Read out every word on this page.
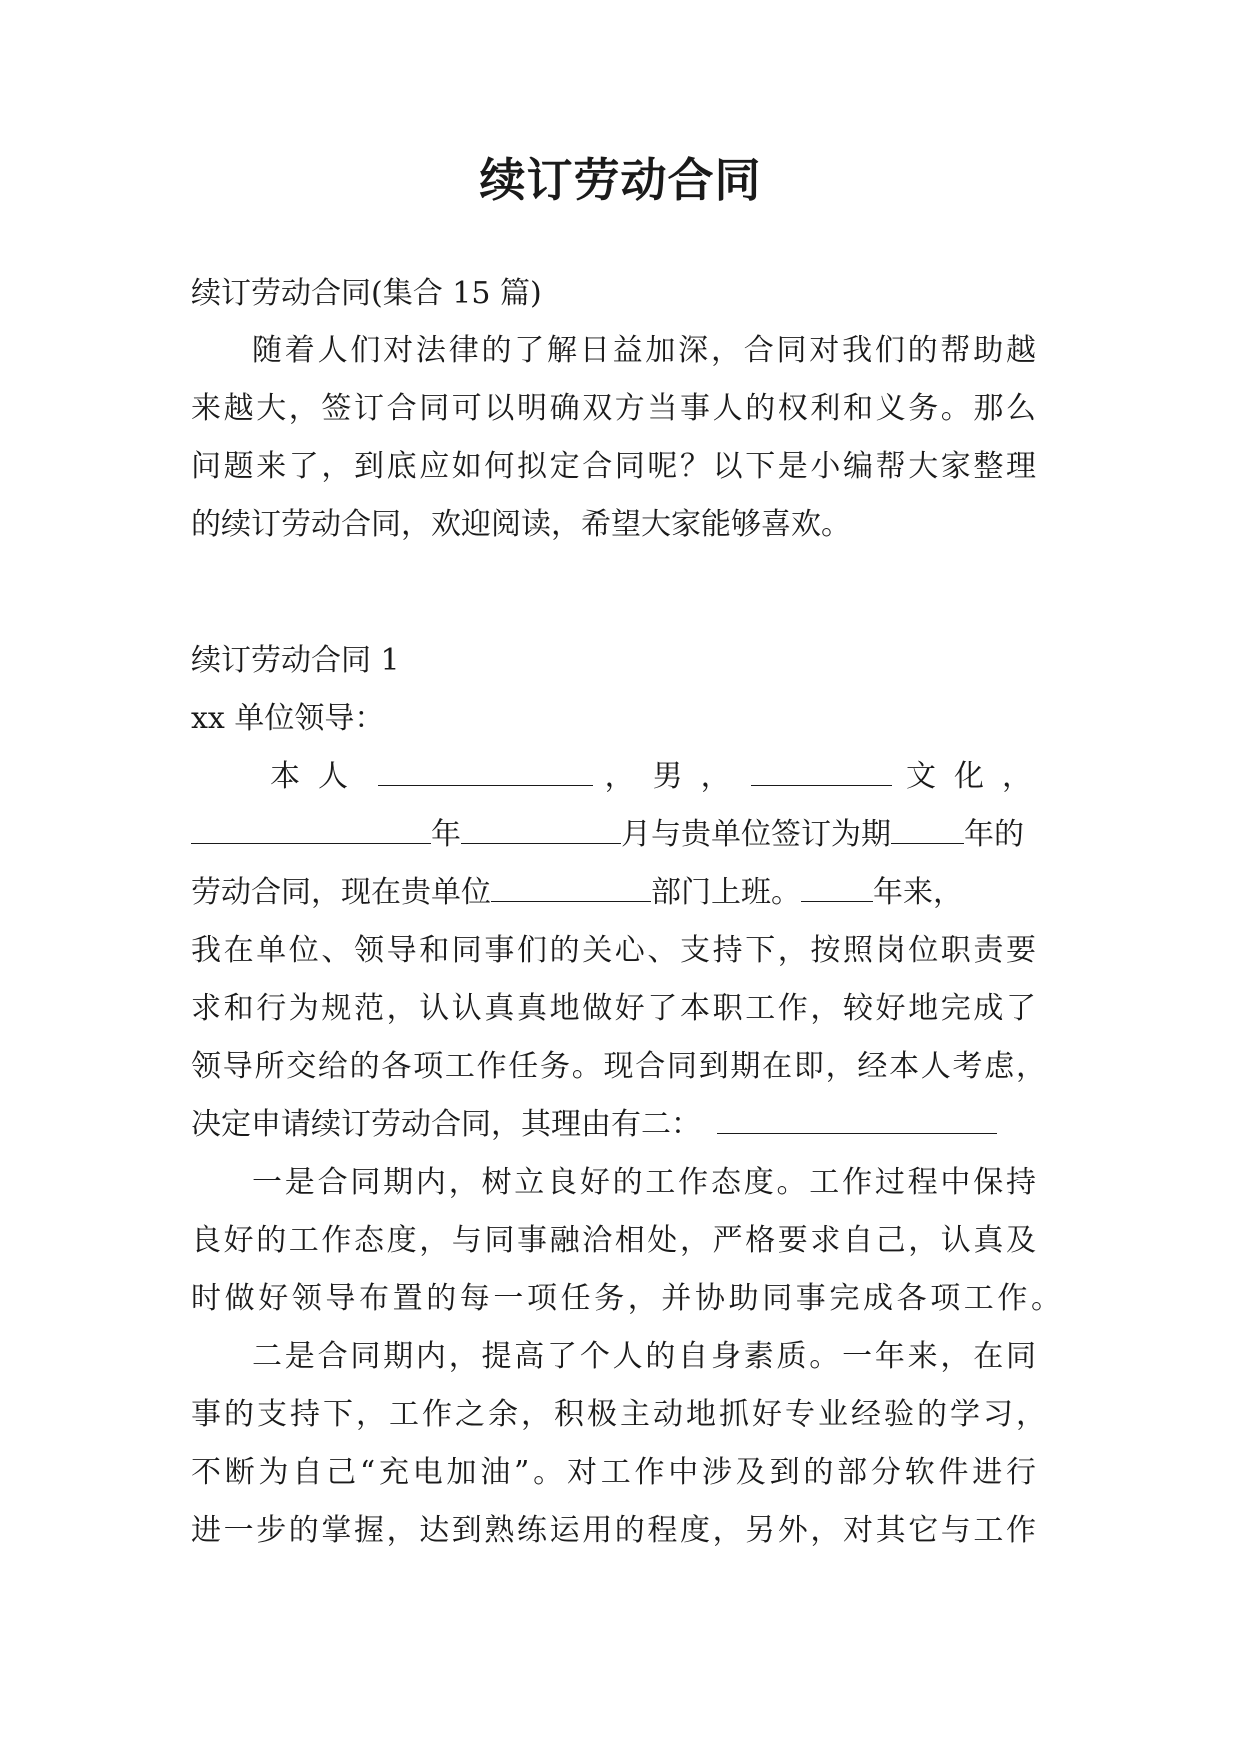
续订劳动合同
续订劳动合同(集合 15 篇)
随着人们对法律的了解日益加深，合同对我们的帮助越
来越大，签订合同可以明确双方当事人的权利和义务。那么
问题来了，到底应如何拟定合同呢？以下是小编帮大家整理
的续订劳动合同，欢迎阅读，希望大家能够喜欢。
续订劳动合同 1
xx 单位领导：
本人	，男，	文化，
年	月与贵单位签订为期 年的
劳动合同，现在贵单位	部门上班。 年来，
我在单位、领导和同事们的关心、支持下，按照岗位职责要
求和行为规范，认认真真地做好了本职工作，较好地完成了
领导所交给的各项工作任务。现合同到期在即，经本人考虑，
决定申请续订劳动合同，其理由有二：
一是合同期内，树立良好的工作态度。工作过程中保持
良好的工作态度，与同事融洽相处，严格要求自己，认真及
时做好领导布置的每一项任务，并协助同事完成各项工作。
二是合同期内，提高了个人的自身素质。一年来，在同
事的支持下，工作之余，积极主动地抓好专业经验的学习，
不断为自己“充电加油”。对工作中涉及到的部分软件进行
进一步的掌握，达到熟练运用的程度，另外，对其它与工作
